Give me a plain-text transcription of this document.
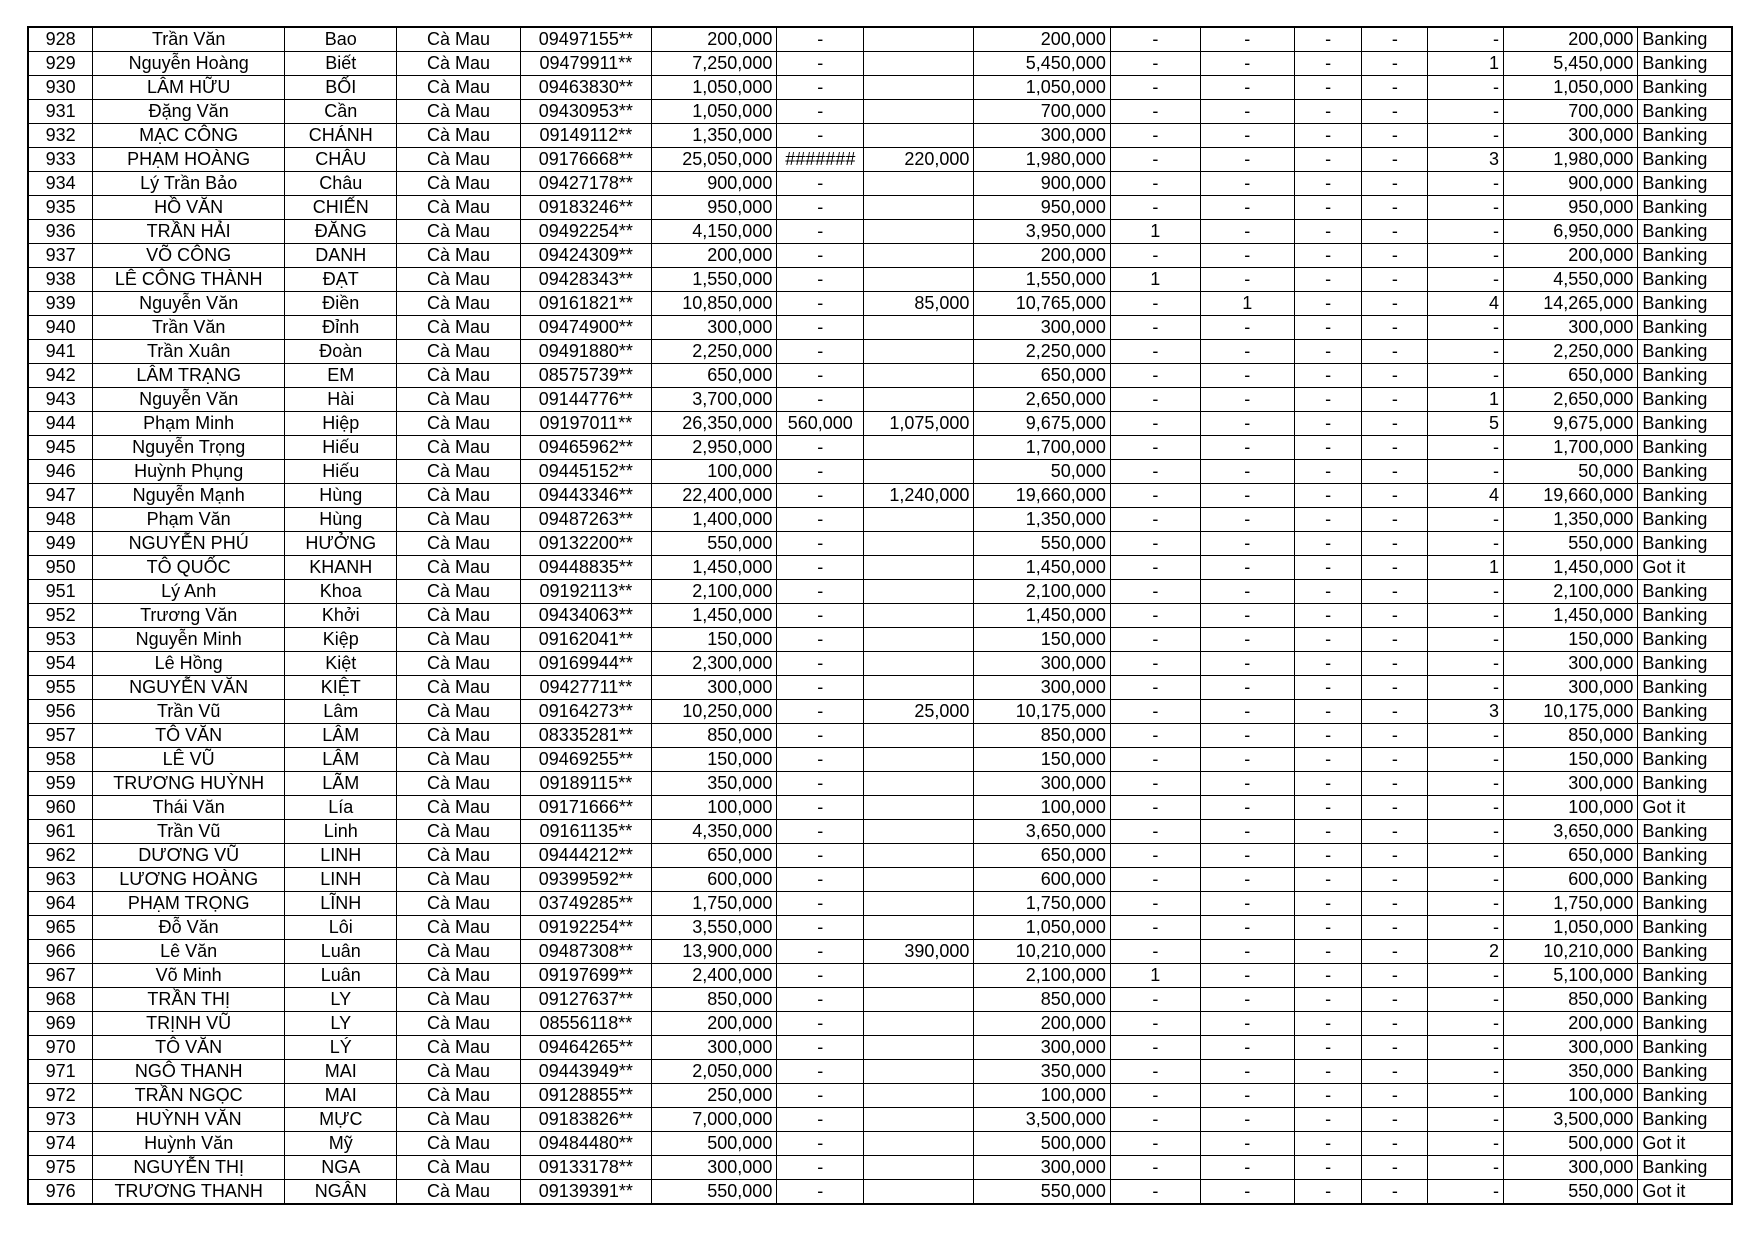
928	Trần Văn	Bao	Cà Mau	09497155**	200,000	-		200,000	-	-	-	-	-	200,000	Banking
929	Nguyễn Hoàng	Biết	Cà Mau	09479911**	7,250,000	-		5,450,000	-	-	-	-	1	5,450,000	Banking
930	LÂM HỮU	BỐI	Cà Mau	09463830**	1,050,000	-		1,050,000	-	-	-	-	-	1,050,000	Banking
931	Đặng Văn	Cần	Cà Mau	09430953**	1,050,000	-		700,000	-	-	-	-	-	700,000	Banking
932	MẠC CÔNG	CHÁNH	Cà Mau	09149112**	1,350,000	-		300,000	-	-	-	-	-	300,000	Banking
933	PHẠM HOÀNG	CHÂU	Cà Mau	09176668**	25,050,000	#######	220,000	1,980,000	-	-	-	-	3	1,980,000	Banking
934	Lý Trần Bảo	Châu	Cà Mau	09427178**	900,000	-		900,000	-	-	-	-	-	900,000	Banking
935	HỒ VĂN	CHIẾN	Cà Mau	09183246**	950,000	-		950,000	-	-	-	-	-	950,000	Banking
936	TRẦN HẢI	ĐĂNG	Cà Mau	09492254**	4,150,000	-		3,950,000	1	-	-	-	-	6,950,000	Banking
937	VÕ CÔNG	DANH	Cà Mau	09424309**	200,000	-		200,000	-	-	-	-	-	200,000	Banking
938	LÊ CÔNG THÀNH	ĐẠT	Cà Mau	09428343**	1,550,000	-		1,550,000	1	-	-	-	-	4,550,000	Banking
939	Nguyễn Văn	Điền	Cà Mau	09161821**	10,850,000	-	85,000	10,765,000	-	1	-	-	4	14,265,000	Banking
940	Trần Văn	Đỉnh	Cà Mau	09474900**	300,000	-		300,000	-	-	-	-	-	300,000	Banking
941	Trần Xuân	Đoàn	Cà Mau	09491880**	2,250,000	-		2,250,000	-	-	-	-	-	2,250,000	Banking
942	LÂM TRẠNG	EM	Cà Mau	08575739**	650,000	-		650,000	-	-	-	-	-	650,000	Banking
943	Nguyễn Văn	Hài	Cà Mau	09144776**	3,700,000	-		2,650,000	-	-	-	-	1	2,650,000	Banking
944	Phạm Minh	Hiệp	Cà Mau	09197011**	26,350,000	560,000	1,075,000	9,675,000	-	-	-	-	5	9,675,000	Banking
945	Nguyễn Trọng	Hiếu	Cà Mau	09465962**	2,950,000	-		1,700,000	-	-	-	-	-	1,700,000	Banking
946	Huỳnh Phụng	Hiếu	Cà Mau	09445152**	100,000	-		50,000	-	-	-	-	-	50,000	Banking
947	Nguyễn Mạnh	Hùng	Cà Mau	09443346**	22,400,000	-	1,240,000	19,660,000	-	-	-	-	4	19,660,000	Banking
948	Phạm Văn	Hùng	Cà Mau	09487263**	1,400,000	-		1,350,000	-	-	-	-	-	1,350,000	Banking
949	NGUYỄN PHÚ	HƯỞNG	Cà Mau	09132200**	550,000	-		550,000	-	-	-	-	-	550,000	Banking
950	TÔ QUỐC	KHANH	Cà Mau	09448835**	1,450,000	-		1,450,000	-	-	-	-	1	1,450,000	Got it
951	Lý Anh	Khoa	Cà Mau	09192113**	2,100,000	-		2,100,000	-	-	-	-	-	2,100,000	Banking
952	Trương Văn	Khởi	Cà Mau	09434063**	1,450,000	-		1,450,000	-	-	-	-	-	1,450,000	Banking
953	Nguyễn Minh	Kiệp	Cà Mau	09162041**	150,000	-		150,000	-	-	-	-	-	150,000	Banking
954	Lê Hồng	Kiệt	Cà Mau	09169944**	2,300,000	-		300,000	-	-	-	-	-	300,000	Banking
955	NGUYỄN VĂN	KIỆT	Cà Mau	09427711**	300,000	-		300,000	-	-	-	-	-	300,000	Banking
956	Trần Vũ	Lâm	Cà Mau	09164273**	10,250,000	-	25,000	10,175,000	-	-	-	-	3	10,175,000	Banking
957	TÔ VĂN	LÂM	Cà Mau	08335281**	850,000	-		850,000	-	-	-	-	-	850,000	Banking
958	LÊ VŨ	LÂM	Cà Mau	09469255**	150,000	-		150,000	-	-	-	-	-	150,000	Banking
959	TRƯƠNG HUỲNH	LÃM	Cà Mau	09189115**	350,000	-		300,000	-	-	-	-	-	300,000	Banking
960	Thái Văn	Lía	Cà Mau	09171666**	100,000	-		100,000	-	-	-	-	-	100,000	Got it
961	Trần Vũ	Linh	Cà Mau	09161135**	4,350,000	-		3,650,000	-	-	-	-	-	3,650,000	Banking
962	DƯƠNG VŨ	LINH	Cà Mau	09444212**	650,000	-		650,000	-	-	-	-	-	650,000	Banking
963	LƯƠNG HOÀNG	LINH	Cà Mau	09399592**	600,000	-		600,000	-	-	-	-	-	600,000	Banking
964	PHẠM TRỌNG	LĨNH	Cà Mau	03749285**	1,750,000	-		1,750,000	-	-	-	-	-	1,750,000	Banking
965	Đỗ Văn	Lôi	Cà Mau	09192254**	3,550,000	-		1,050,000	-	-	-	-	-	1,050,000	Banking
966	Lê Văn	Luân	Cà Mau	09487308**	13,900,000	-	390,000	10,210,000	-	-	-	-	2	10,210,000	Banking
967	Võ Minh	Luân	Cà Mau	09197699**	2,400,000	-		2,100,000	1	-	-	-	-	5,100,000	Banking
968	TRẦN THỊ	LY	Cà Mau	09127637**	850,000	-		850,000	-	-	-	-	-	850,000	Banking
969	TRỊNH VŨ	LY	Cà Mau	08556118**	200,000	-		200,000	-	-	-	-	-	200,000	Banking
970	TÔ VĂN	LÝ	Cà Mau	09464265**	300,000	-		300,000	-	-	-	-	-	300,000	Banking
971	NGÔ THANH	MAI	Cà Mau	09443949**	2,050,000	-		350,000	-	-	-	-	-	350,000	Banking
972	TRẦN NGỌC	MAI	Cà Mau	09128855**	250,000	-		100,000	-	-	-	-	-	100,000	Banking
973	HUỲNH VĂN	MỰC	Cà Mau	09183826**	7,000,000	-		3,500,000	-	-	-	-	-	3,500,000	Banking
974	Huỳnh Văn	Mỹ	Cà Mau	09484480**	500,000	-		500,000	-	-	-	-	-	500,000	Got it
975	NGUYỄN THỊ	NGA	Cà Mau	09133178**	300,000	-		300,000	-	-	-	-	-	300,000	Banking
976	TRƯƠNG THANH	NGÂN	Cà Mau	09139391**	550,000	-		550,000	-	-	-	-	-	550,000	Got it
